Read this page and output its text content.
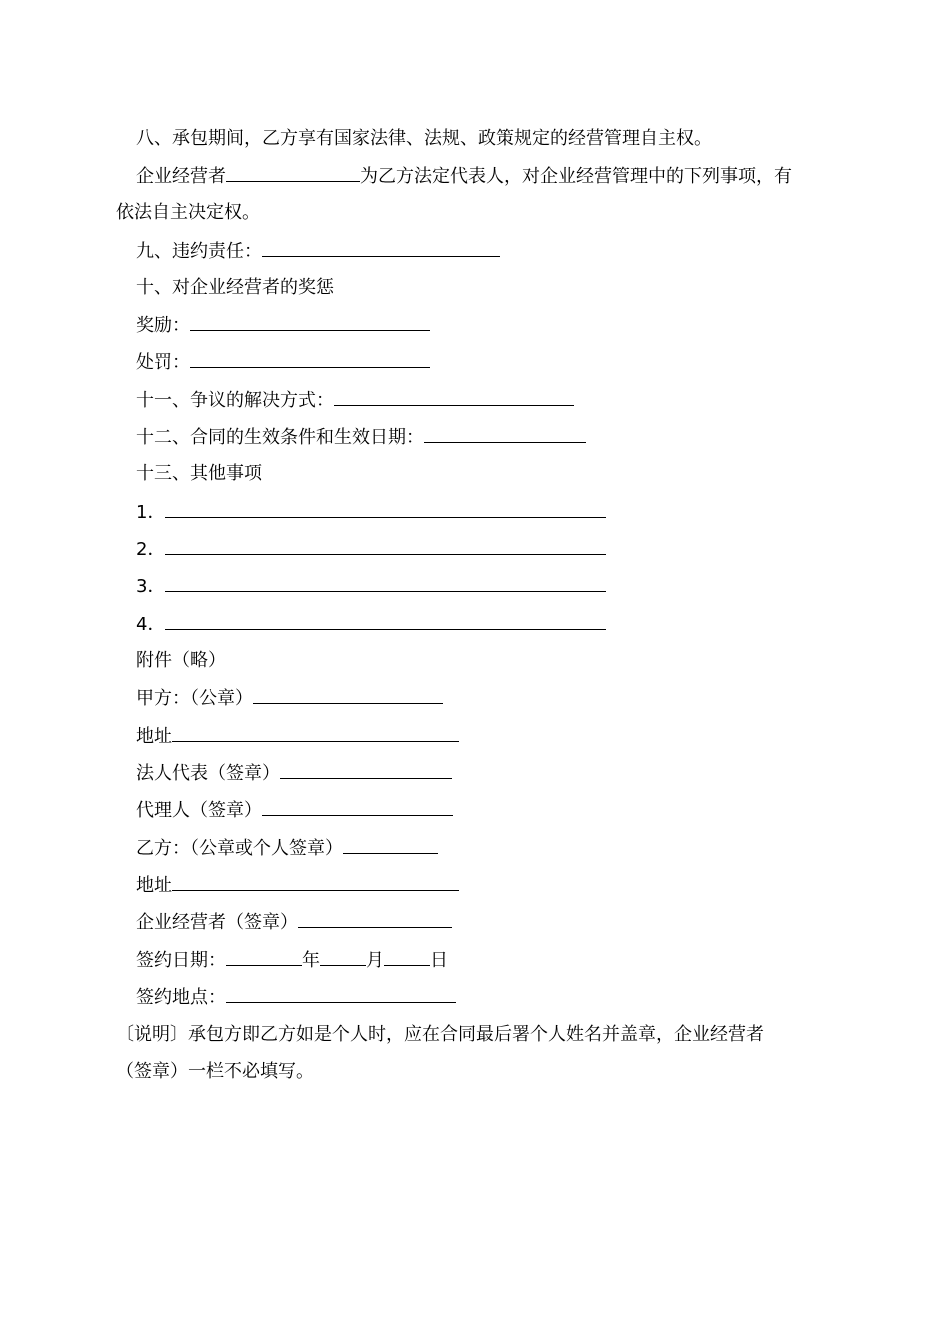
八、承包期间，乙方享有国家法律、法规、政策规定的经营管理自主权。
企业经营者	为乙方法定代表人，对企业经营管理中的下列事项，有
依法自主决定权。
九、违约责任：
十、对企业经营者的奖惩
奖励：
处罚：
十一、争议的解决方式：
十二、合同的生效条件和生效日期：
十三、其他事项
1．
2．
3．
4．
附件（略）
甲方：（公章）
地址
法人代表（签章）
代理人（签章）
乙方：（公章或个人签章）
地址
企业经营者（签章）
签约日期：	年	月	日
签约地点：
〔说明〕承包方即乙方如是个人时，应在合同最后署个人姓名并盖章，企业经营者
（签章）一栏不必填写。
